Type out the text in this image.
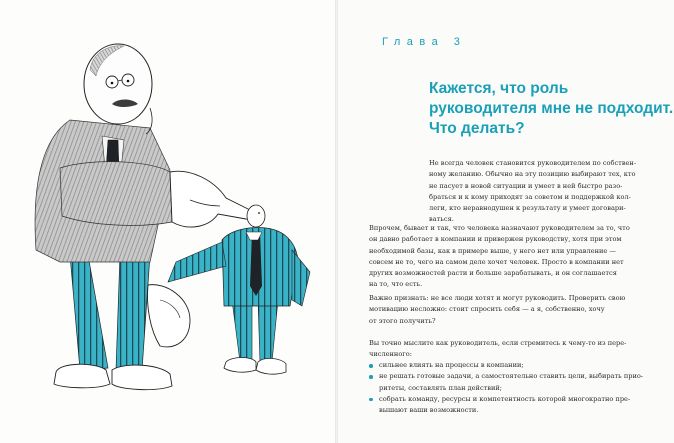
Глава 3
Кажется, что роль
руководителя мне не подходит.
Что делать?
Не всегда человек становится руководителем по собствен-
ному желанию. Обычно на эту позицию выбирают тех, кто
не пасует в новой ситуации и умеет в ней быстро разо-
браться и к кому приходят за советом и поддержкой кол-
леги, кто неравнодушен к результату и умеет договари-
ваться.
Впрочем, бывает и так, что человека назначают руководителем за то, что
он давно работает в компании и привержен руководству, хотя при этом
необходимой базы, как в примере выше, у него нет или управление —
совсем не то, чего на самом деле хочет человек. Просто в компании нет
других возможностей расти и больше зарабатывать, и он соглашается
на то, что есть.
Важно признать: не все люди хотят и могут руководить. Проверить свою
мотивацию несложно: стоит спросить себя — а я, собственно, хочу
от этого получить?
Вы точно мыслите как руководитель, если стремитесь к чему-то из пере-
численного:
сильнее влиять на процессы в компании;
не решать готовые задачи, а самостоятельно ставить цели, выбирать прио-
ритеты, составлять план действий;
собрать команду, ресурсы и компетентность которой многократно пре-
вышают ваши возможности.
